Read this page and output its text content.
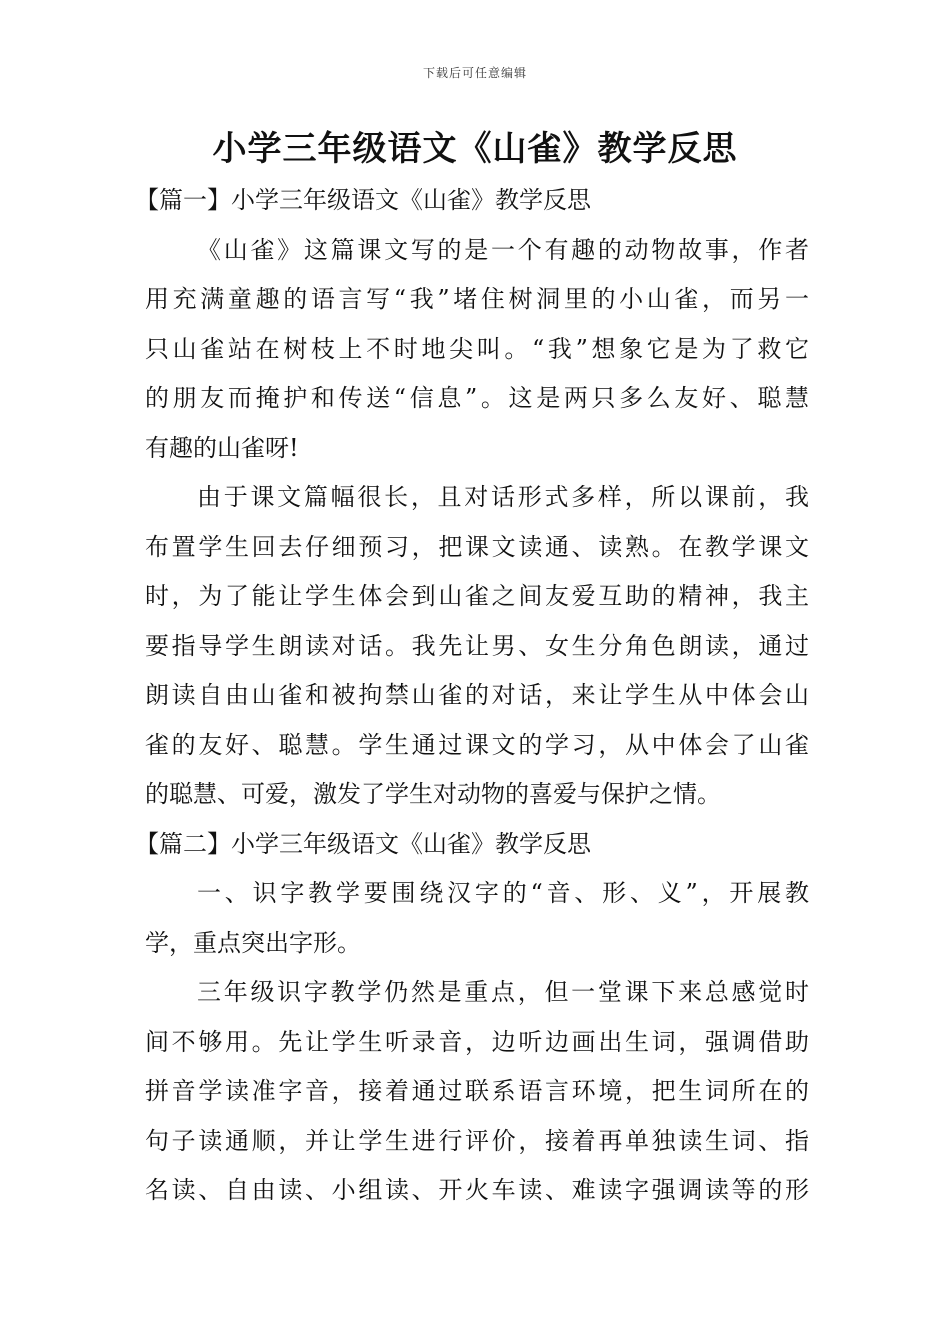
下载后可任意编辑
小学三年级语文《山雀》教学反思
【篇一】小学三年级语文《山雀》教学反思
《山雀》这篇课文写的是一个有趣的动物故事，作者
用充满童趣的语言写“我”堵住树洞里的小山雀，而另一
只山雀站在树枝上不时地尖叫。“我”想象它是为了救它
的朋友而掩护和传送“信息”。这是两只多么友好、聪慧
有趣的山雀呀!
由于课文篇幅很长，且对话形式多样，所以课前，我
布置学生回去仔细预习，把课文读通、读熟。在教学课文
时，为了能让学生体会到山雀之间友爱互助的精神，我主
要指导学生朗读对话。我先让男、女生分角色朗读，通过
朗读自由山雀和被拘禁山雀的对话，来让学生从中体会山
雀的友好、聪慧。学生通过课文的学习，从中体会了山雀
的聪慧、可爱，激发了学生对动物的喜爱与保护之情。
【篇二】小学三年级语文《山雀》教学反思
一、识字教学要围绕汉字的“音、形、义”，开展教
学，重点突出字形。
三年级识字教学仍然是重点，但一堂课下来总感觉时
间不够用。先让学生听录音，边听边画出生词，强调借助
拼音学读准字音，接着通过联系语言环境，把生词所在的
句子读通顺，并让学生进行评价，接着再单独读生词、指
名读、自由读、小组读、开火车读、难读字强调读等的形
